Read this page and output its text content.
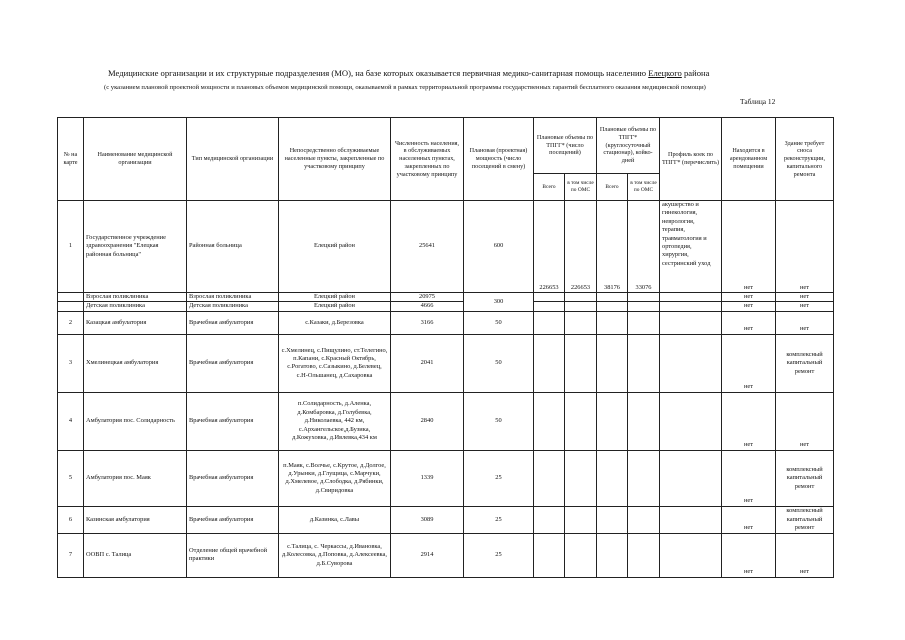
Медицинские организации и их структурные подразделения (МО), на базе которых оказывается первичная медико-санитарная помощь населению Елецкого района
(с указанием плановой проектной мощности и плановых объемов медицинской помощи, оказываемой в рамках территориальной программы государственных гарантий бесплатного оказания медицинской помощи)
Таблица 12
№ на карте	Наименование медицинской организации	Тип медицинской организации	Непосредственно обслуживаемые населенные пункты, закрепленные по участковому принципу	Численность населения, в обслуживаемых населенных пунктах, закрепленных по участковому принципу	Плановая (проектная) мощность (число посещений в смену)	Плановые объемы по ТПГГ* (число посещений)		Плановые объемы по ТПГГ* (круглосуточный стационар), койко-дней		Профиль коек по ТПГГ* (перечислить)	Находится в арендованном помещении	Здание требует сноса реконструкции, капитального ремонта
						Всего	в том числе по ОМС	Всего	в том числе по ОМС			
1	Государственное учреждение здравоохранения "Елецкая районная больница"	Районная больница	Елецкий район	25641	600	226653	226653	38176	33076	акушерство и гинекология, неврология, терапия, травматология и ортопедия, хирургия, сестринский уход	нет	нет
	Взрослая поликлиника	Взрослая поликлиника	Елецкий район	20975	300						нет	нет
	Детская поликлиника	Детская поликлиника	Елецкий район	4666							нет	нет
2	Казацкая амбулатория	Врачебная амбулатория	с.Казаки, д.Березовка	3166	50						нет	нет
3	Хмелинецкая амбулатория	Врачебная амбулатория	с.Хмелинец, с.Пищулино, ст.Телегино, п.Капани, с.Красный Октябрь, с.Рогатово, с.Сазыкино, д.Белевец, с.Н-Ольшанец, д.Сахаровка	2041	50						нет	комплексный капитальный ремонт
4	Амбулатория пос. Солидарность	Врачебная амбулатория	п.Солидарность, д.Аленка, д.Комбаровка, д.Голубевка, д.Николаевка, 442 км, с.Архангельское,д.Бузика, д.Кожуховка, д.Ивлевка,434 км	2840	50						нет	нет
5	Амбулатория пос. Маяк	Врачебная амбулатория	п.Маяк, с.Волчье, с.Крутое, д.Долгое, д.Урынки, д.Глущица, с.Марчуки, д.Хмелевое, д.Слободка, д.Рябинки, д.Свиридовка	1339	25						нет	комплексный капитальный ремонт
6	Казинская амбулатория	Врачебная амбулатория	д.Казинка, с.Лавы	3089	25						нет	комплексный капитальный ремонт
7	ООВП с. Талица	Отделение общей врачебной практики	с.Талица, с. Черкассы, д.Ивановка, д.Колесовка, д.Поповка, д.Алексеевка, д.Б.Суворова	2914	25						нет	нет
